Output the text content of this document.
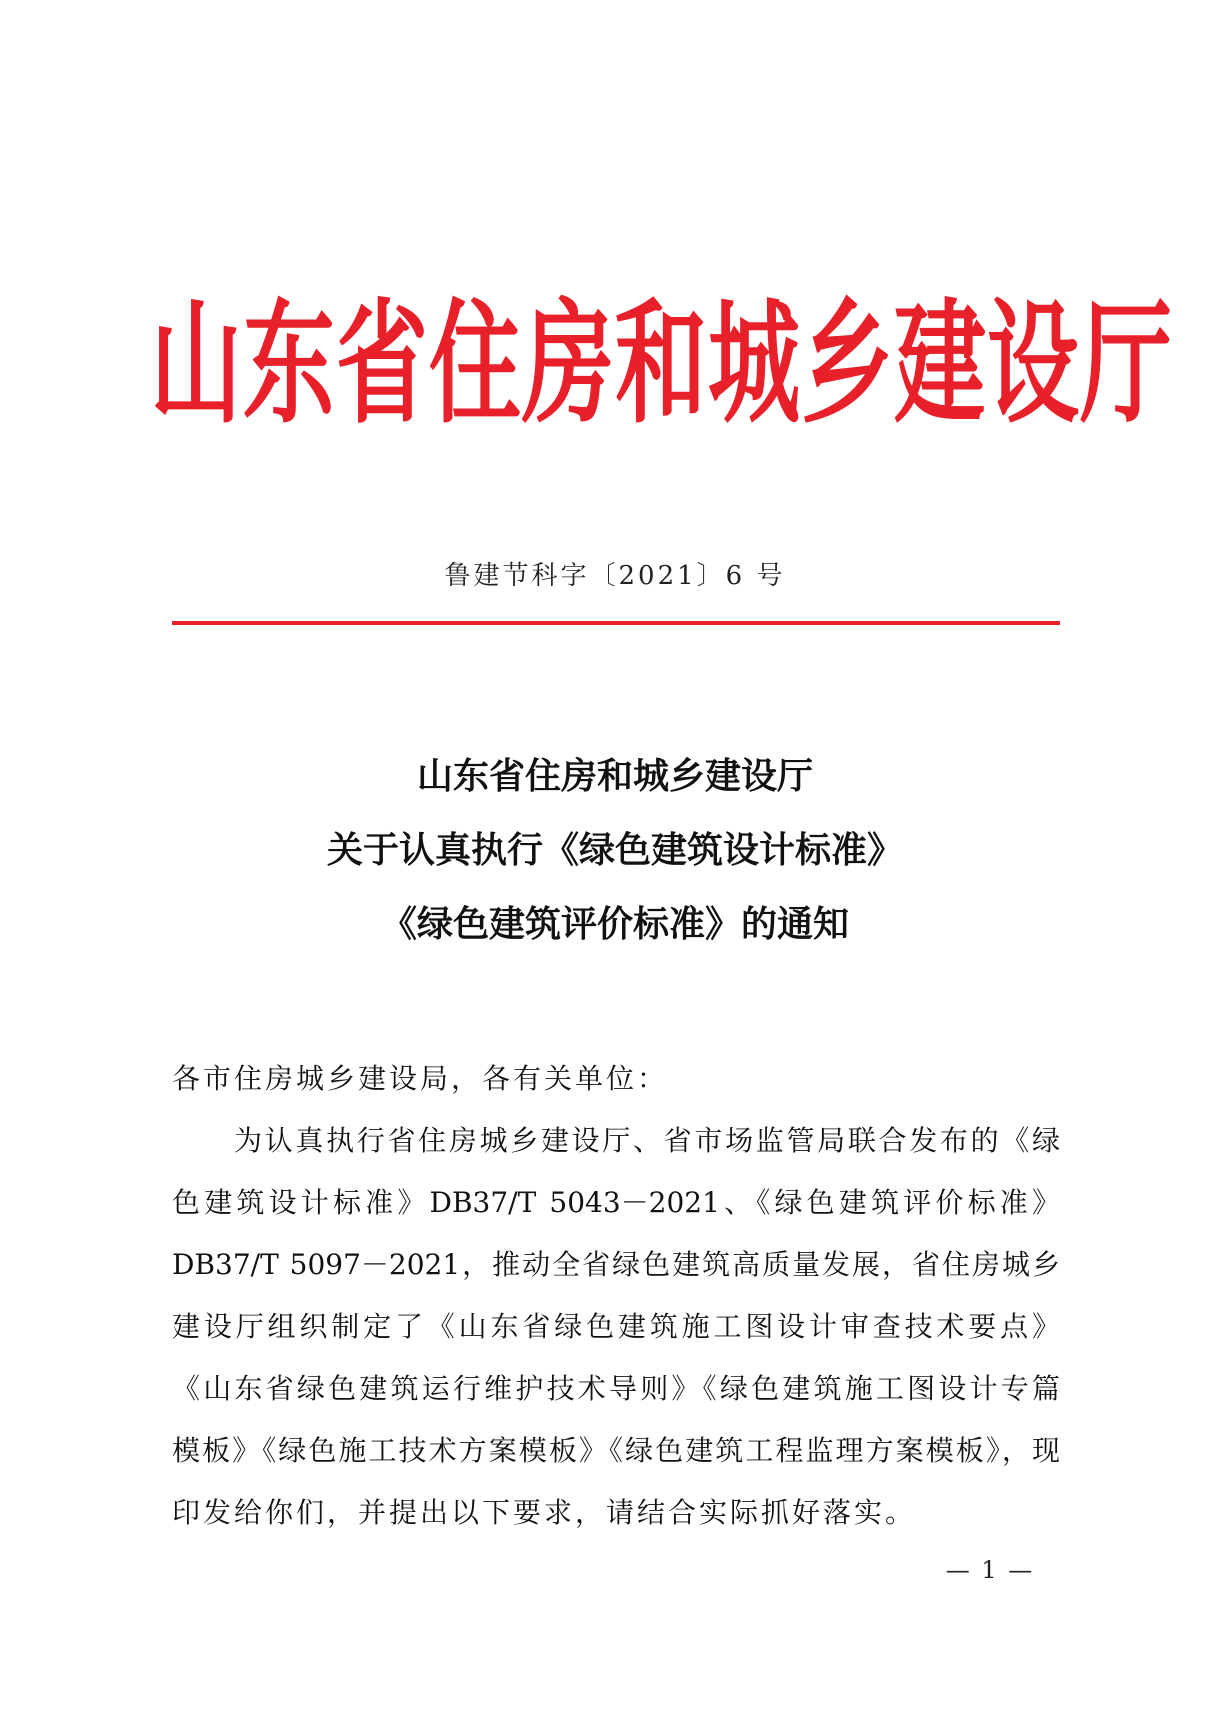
山东省住房和城乡建设厅
鲁建节科字〔2021〕6 号
山东省住房和城乡建设厅
关于认真执行《绿色建筑设计标准》
《绿色建筑评价标准》的通知
各市住房城乡建设局，各有关单位：
为认真执行省住房城乡建设厅、省市场监管局联合发布的《绿
色建筑设计标准》DB37/T 5043－2021、《绿色建筑评价标准》
DB37/T 5097－2021，推动全省绿色建筑高质量发展，省住房城乡
建设厅组织制定了《山东省绿色建筑施工图设计审查技术要点》
《山东省绿色建筑运行维护技术导则》《绿色建筑施工图设计专篇
模板》《绿色施工技术方案模板》《绿色建筑工程监理方案模板》，现
印发给你们，并提出以下要求，请结合实际抓好落实。
— 1 —
